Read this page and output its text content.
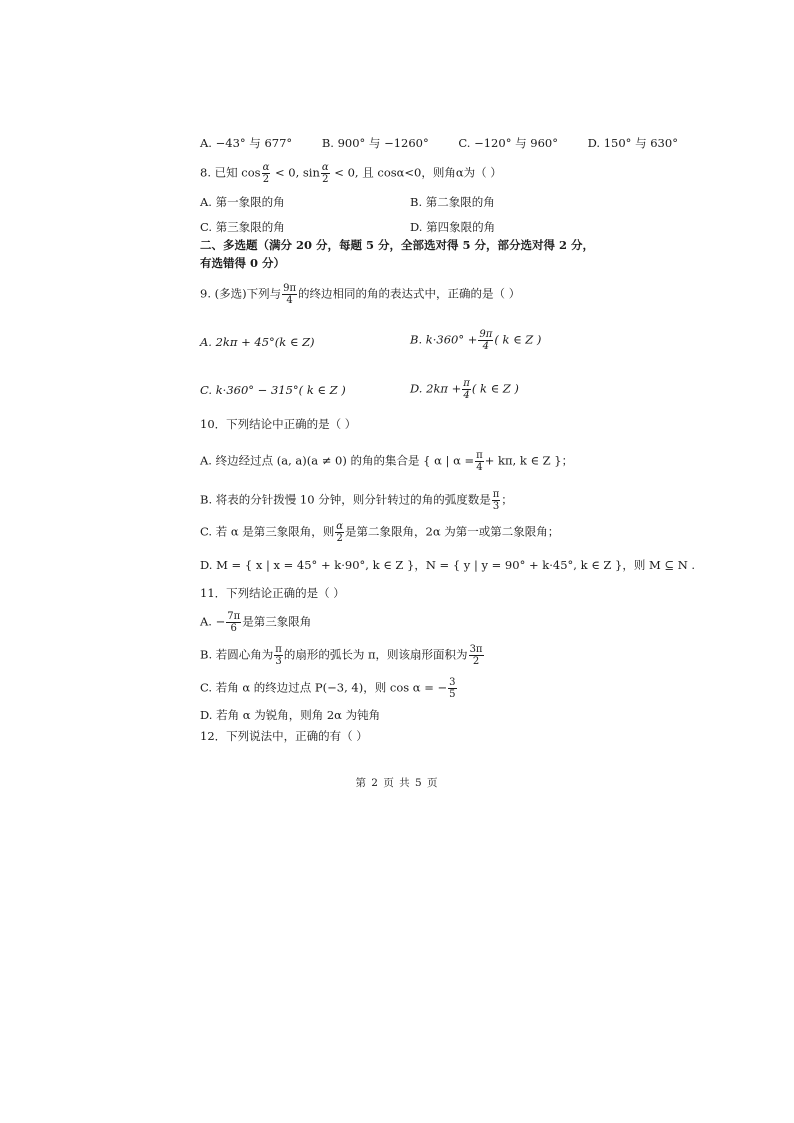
A. −43° 与 677°	B. 900° 与 −1260°	C. −120° 与 960°	D. 150° 与 630°
8. 已知 $\cos \frac{\alpha}{2} < 0$, $\sin \frac{\alpha}{2} < 0$, 且 cosα<0，则角α为（ ）
A. 第一象限的角	B. 第二象限的角
C. 第三象限的角	D. 第四象限的角
二、多选题（满分 20 分，每题 5 分，全部选对得 5 分，部分选对得 2 分，
有选错得 0 分）
9. (多选)下列与 $\frac{9\pi}{4}$ 的终边相同的角的表达式中，正确的是（ ）
A. 2kπ + 45°(k ∈ Z)	B. $k\cdot 360^\circ + \frac{9\pi}{4}$ ( k ∈ Z )
C. k·360° − 315°( k ∈ Z )	D. $2k\pi + \frac{\pi}{4}$ ( k ∈ Z )
10．下列结论中正确的是（ ）
A. 终边经过点 (a, a)(a ≠ 0) 的角的集合是 { α | $\alpha = \frac{\pi}{4} + k\pi$, k ∈ Z }；
B. 将表的分针拨慢 10 分钟，则分针转过的角的弧度数是 $\frac{\pi}{3}$ ；
C. 若 α 是第三象限角，则 $\frac{\alpha}{2}$ 是第二象限角，2α 为第一或第二象限角；
D. M = { x | x = 45° + k·90°, k ∈ Z }，N = { y | y = 90° + k·45°, k ∈ Z }，则 M ⊆ N .
11．下列结论正确的是（ ）
A. − $\frac{7\pi}{6}$ 是第三象限角
B. 若圆心角为 $\frac{\pi}{3}$ 的扇形的弧长为 π，则该扇形面积为 $\frac{3\pi}{2}$
C. 若角 α 的终边过点 P(−3, 4)，则 cos α = − $\frac{3}{5}$
D. 若角 α 为锐角，则角 2α 为钝角
12．下列说法中，正确的有（ ）
第 2 页 共 5 页
